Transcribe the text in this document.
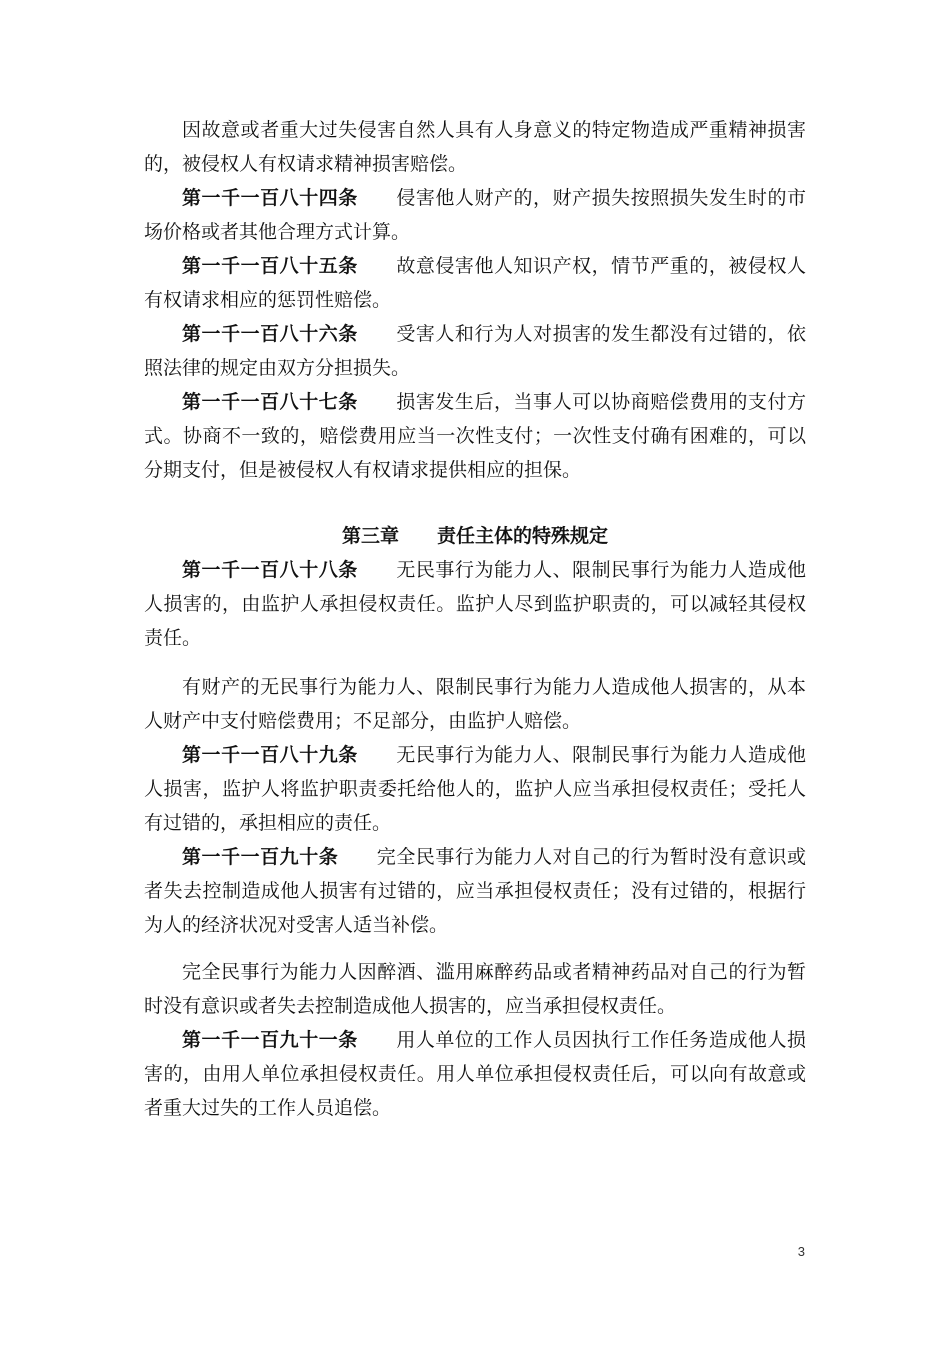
因故意或者重大过失侵害自然人具有人身意义的特定物造成严重精神损害的，被侵权人有权请求精神损害赔偿。

第一千一百八十四条 侵害他人财产的，财产损失按照损失发生时的市场价格或者其他合理方式计算。

第一千一百八十五条 故意侵害他人知识产权，情节严重的，被侵权人有权请求相应的惩罚性赔偿。

第一千一百八十六条 受害人和行为人对损害的发生都没有过错的，依照法律的规定由双方分担损失。

第一千一百八十七条 损害发生后，当事人可以协商赔偿费用的支付方式。协商不一致的，赔偿费用应当一次性支付；一次性支付确有困难的，可以分期支付，但是被侵权人有权请求提供相应的担保。

第三章 责任主体的特殊规定

第一千一百八十八条 无民事行为能力人、限制民事行为能力人造成他人损害的，由监护人承担侵权责任。监护人尽到监护职责的，可以减轻其侵权责任。

有财产的无民事行为能力人、限制民事行为能力人造成他人损害的，从本人财产中支付赔偿费用；不足部分，由监护人赔偿。

第一千一百八十九条 无民事行为能力人、限制民事行为能力人造成他人损害，监护人将监护职责委托给他人的，监护人应当承担侵权责任；受托人有过错的，承担相应的责任。

第一千一百九十条 完全民事行为能力人对自己的行为暂时没有意识或者失去控制造成他人损害有过错的，应当承担侵权责任；没有过错的，根据行为人的经济状况对受害人适当补偿。

完全民事行为能力人因醉酒、滥用麻醉药品或者精神药品对自己的行为暂时没有意识或者失去控制造成他人损害的，应当承担侵权责任。

第一千一百九十一条 用人单位的工作人员因执行工作任务造成他人损害的，由用人单位承担侵权责任。用人单位承担侵权责任后，可以向有故意或者重大过失的工作人员追偿。

3
